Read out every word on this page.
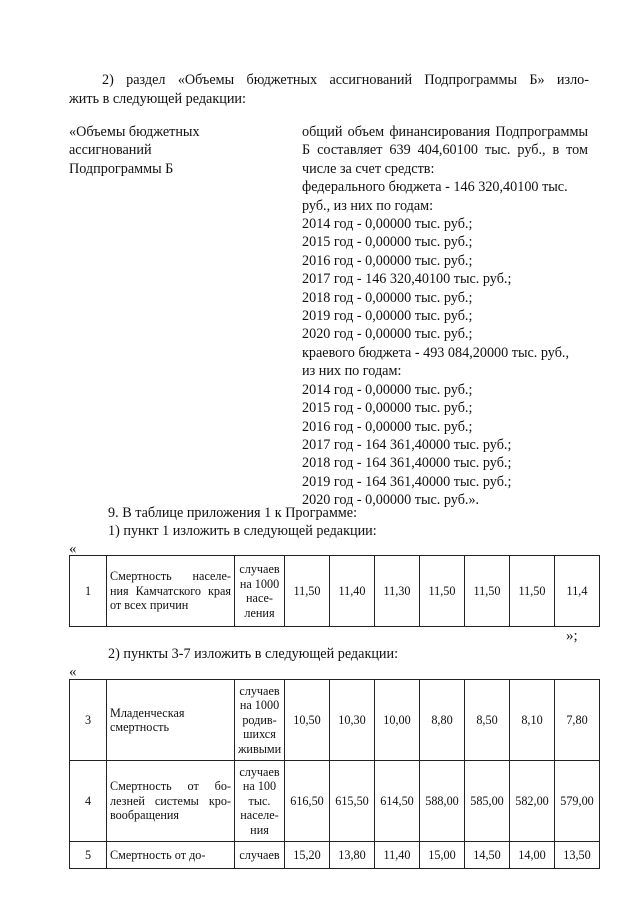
2) раздел «Объемы бюджетных ассигнований Подпрограммы Б» изло-

жить в следующей редакции:

«Объемы бюджетных
ассигнований
Подпрограммы Б

общий объем финансирования Подпрограммы Б составляет 639 404,60100 тыс. руб., в том числе за счет средств:

федерального бюджета - 146 320,40100 тыс.
руб., из них по годам:
2014 год - 0,00000 тыс. руб.;
2015 год - 0,00000 тыс. руб.;
2016 год - 0,00000 тыс. руб.;
2017 год - 146 320,40100 тыс. руб.;
2018 год - 0,00000 тыс. руб.;
2019 год - 0,00000 тыс. руб.;
2020 год - 0,00000 тыс. руб.;
краевого бюджета - 493 084,20000 тыс. руб.,
из них по годам:
2014 год - 0,00000 тыс. руб.;
2015 год - 0,00000 тыс. руб.;
2016 год - 0,00000 тыс. руб.;
2017 год - 164 361,40000 тыс. руб.;
2018 год - 164 361,40000 тыс. руб.;
2019 год - 164 361,40000 тыс. руб.;
2020 год - 0,00000 тыс. руб.».

9. В таблице приложения 1 к Программе:

1) пункт 1 изложить в следующей редакции:

«
1	Смертность населе-ния Камчатского края от всех причин	случаев на 1000 насе-ления	11,50	11,40	11,30	11,50	11,50	11,50	11,4
»;

2) пункты 3-7 изложить в следующей редакции:

«
3	Младенческая смертность	случаев на 1000 родив-шихся живыми	10,50	10,30	10,00	8,80	8,50	8,10	7,80
4	Смертность от бо-лезней системы кро-вообращения	случаев на 100 тыс. населе-ния	616,50	615,50	614,50	588,00	585,00	582,00	579,00
5	Смертность от до-	случаев	15,20	13,80	11,40	15,00	14,50	14,00	13,50
